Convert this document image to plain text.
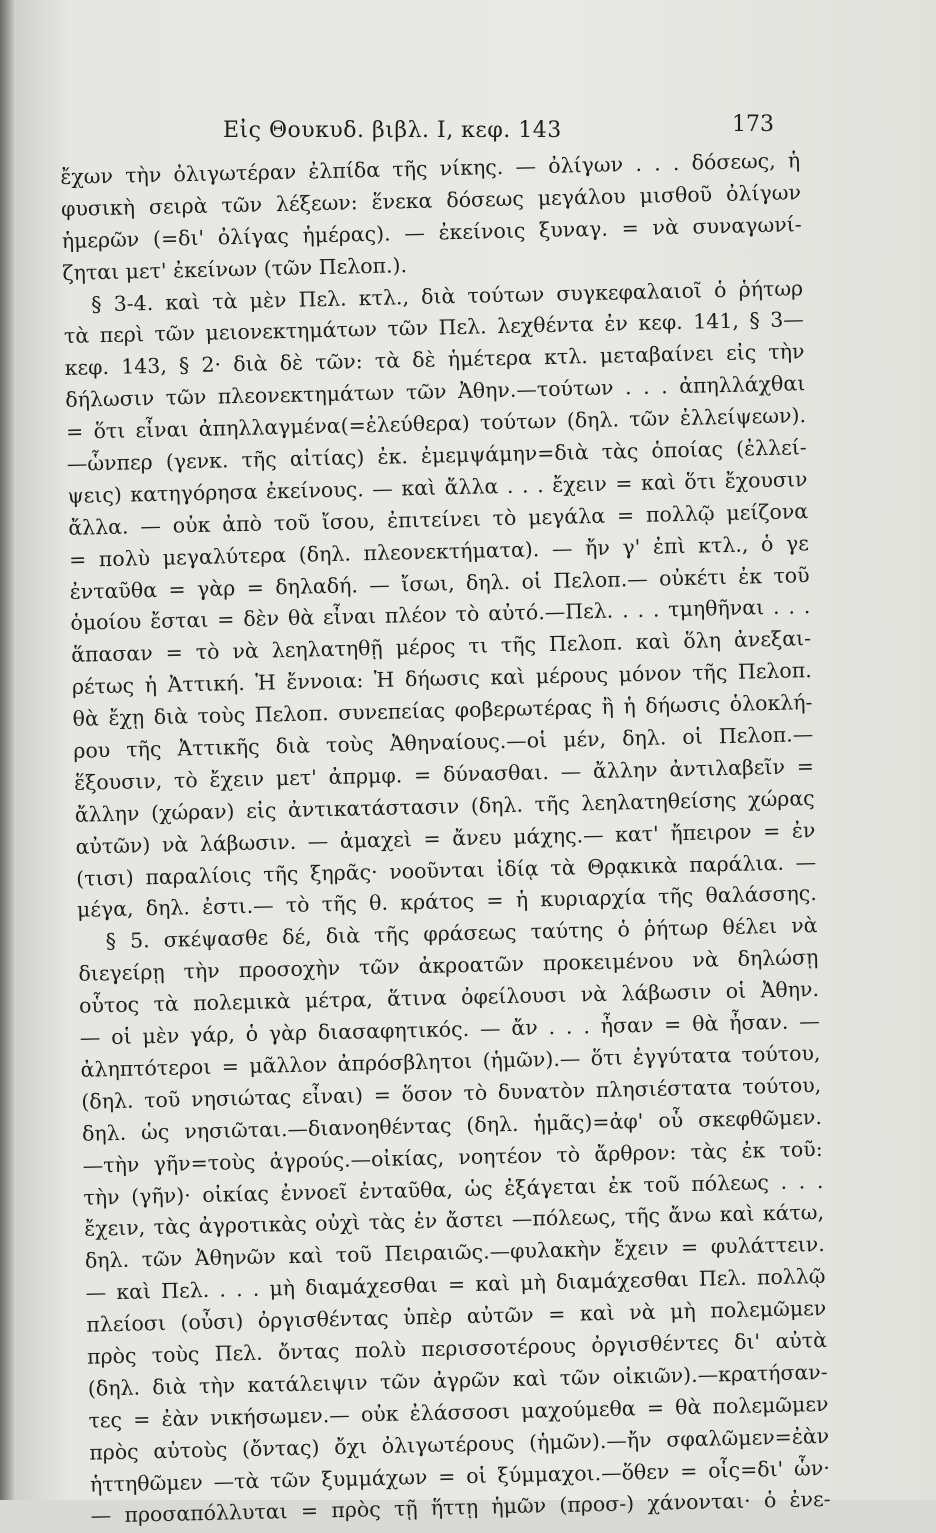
Εἰς Θουκυδ. βιβλ. Ι, κεφ. 143	173
ἔχων τὴν ὀλιγωτέραν ἐλπίδα τῆς νίκης. — ὀλίγων . . . δόσεως, ἡ
φυσικὴ σειρὰ τῶν λέξεων: ἕνεκα δόσεως μεγάλου μισθοῦ ὀλίγων
ἡμερῶν (=δι' ὀλίγας ἡμέρας). — ἐκείνοις ξυναγ. = νὰ συναγωνί-
ζηται μετ' ἐκείνων (τῶν Πελοπ.).
§ 3-4. καὶ τὰ μὲν Πελ. κτλ., διὰ τούτων συγκεφαλαιοῖ ὁ ῥήτωρ
τὰ περὶ τῶν μειονεκτημάτων τῶν Πελ. λεχθέντα ἐν κεφ. 141, § 3—
κεφ. 143, § 2· διὰ δὲ τῶν: τὰ δὲ ἡμέτερα κτλ. μεταβαίνει εἰς τὴν
δήλωσιν τῶν πλεονεκτημάτων τῶν Ἀθην.—τούτων . . . ἀπηλλάχθαι
= ὅτι εἶναι ἀπηλλαγμένα(=ἐλεύθερα) τούτων (δηλ. τῶν ἐλλείψεων).
—ὧνπερ (γενκ. τῆς αἰτίας) ἐκ. ἐμεμψάμην=διὰ τὰς ὁποίας (ἐλλεί-
ψεις) κατηγόρησα ἐκείνους. — καὶ ἄλλα . . . ἔχειν = καὶ ὅτι ἔχουσιν
ἄλλα. — οὐκ ἀπὸ τοῦ ἴσου, ἐπιτείνει τὸ μεγάλα = πολλῷ μείζονα
= πολὺ μεγαλύτερα (δηλ. πλεονεκτήματα). — ἤν γ' ἐπὶ κτλ., ὁ γε
ἐνταῦθα = γὰρ = δηλαδή. — ἴσωι, δηλ. οἱ Πελοπ.— οὐκέτι ἐκ τοῦ
ὁμοίου ἔσται = δὲν θὰ εἶναι πλέον τὸ αὐτό.—Πελ. . . . τμηθῆναι . . .
ἅπασαν = τὸ νὰ λεηλατηθῇ μέρος τι τῆς Πελοπ. καὶ ὅλη ἀνεξαι-
ρέτως ἡ Ἀττική. Ἡ ἔννοια: Ἡ δήωσις καὶ μέρους μόνον τῆς Πελοπ.
θὰ ἔχῃ διὰ τοὺς Πελοπ. συνεπείας φοβερωτέρας ἢ ἡ δήωσις ὁλοκλή-
ρου τῆς Ἀττικῆς διὰ τοὺς Ἀθηναίους.—οἱ μέν, δηλ. οἱ Πελοπ.—
ἕξουσιν, τὸ ἔχειν μετ' ἀπρμφ. = δύνασθαι. — ἄλλην ἀντιλαβεῖν =
ἄλλην (χώραν) εἰς ἀντικατάστασιν (δηλ. τῆς λεηλατηθείσης χώρας
αὐτῶν) νὰ λάβωσιν. — ἀμαχεὶ = ἄνευ μάχης.— κατ' ἤπειρον = ἐν
(τισι) παραλίοις τῆς ξηρᾶς· νοοῦνται ἰδίᾳ τὰ Θρᾳκικὰ παράλια. —
μέγα, δηλ. ἐστι.— τὸ τῆς θ. κράτος = ἡ κυριαρχία τῆς θαλάσσης.
§ 5. σκέψασθε δέ, διὰ τῆς φράσεως ταύτης ὁ ῥήτωρ θέλει νὰ
διεγείρῃ τὴν προσοχὴν τῶν ἀκροατῶν προκειμένου νὰ δηλώσῃ
οὗτος τὰ πολεμικὰ μέτρα, ἅτινα ὀφείλουσι νὰ λάβωσιν οἱ Ἀθην.
— οἱ μὲν γάρ, ὁ γὰρ διασαφητικός. — ἄν . . . ἦσαν = θὰ ἦσαν. —
ἀληπτότεροι = μᾶλλον ἀπρόσβλητοι (ἡμῶν).— ὅτι ἐγγύτατα τούτου,
(δηλ. τοῦ νησιώτας εἶναι) = ὅσον τὸ δυνατὸν πλησιέστατα τούτου,
δηλ. ὡς νησιῶται.—διανοηθέντας (δηλ. ἡμᾶς)=ἀφ' οὗ σκεφθῶμεν.
—τὴν γῆν=τοὺς ἀγρούς.—οἰκίας, νοητέον τὸ ἄρθρον: τὰς ἐκ τοῦ:
τὴν (γῆν)· οἰκίας ἐννοεῖ ἐνταῦθα, ὡς ἐξάγεται ἐκ τοῦ πόλεως . . .
ἔχειν, τὰς ἀγροτικὰς οὐχὶ τὰς ἐν ἄστει —πόλεως, τῆς ἄνω καὶ κάτω,
δηλ. τῶν Ἀθηνῶν καὶ τοῦ Πειραιῶς.—φυλακὴν ἔχειν = φυλάττειν.
— καὶ Πελ. . . . μὴ διαμάχεσθαι = καὶ μὴ διαμάχεσθαι Πελ. πολλῷ
πλείοσι (οὖσι) ὀργισθέντας ὑπὲρ αὐτῶν = καὶ νὰ μὴ πολεμῶμεν
πρὸς τοὺς Πελ. ὄντας πολὺ περισσοτέρους ὀργισθέντες δι' αὐτὰ
(δηλ. διὰ τὴν κατάλειψιν τῶν ἀγρῶν καὶ τῶν οἰκιῶν).—κρατήσαν-
τες = ἐὰν νικήσωμεν.— οὐκ ἐλάσσοσι μαχούμεθα = θὰ πολεμῶμεν
πρὸς αὐτοὺς (ὄντας) ὄχι ὀλιγωτέρους (ἡμῶν).—ἤν σφαλῶμεν=ἐὰν
ἡττηθῶμεν —τὰ τῶν ξυμμάχων = οἱ ξύμμαχοι.—ὅθεν = οἷς=δι' ὧν·
— προσαπόλλυται = πρὸς τῇ ἥττῃ ἡμῶν (προσ-) χάνονται· ὁ ἐνε-
